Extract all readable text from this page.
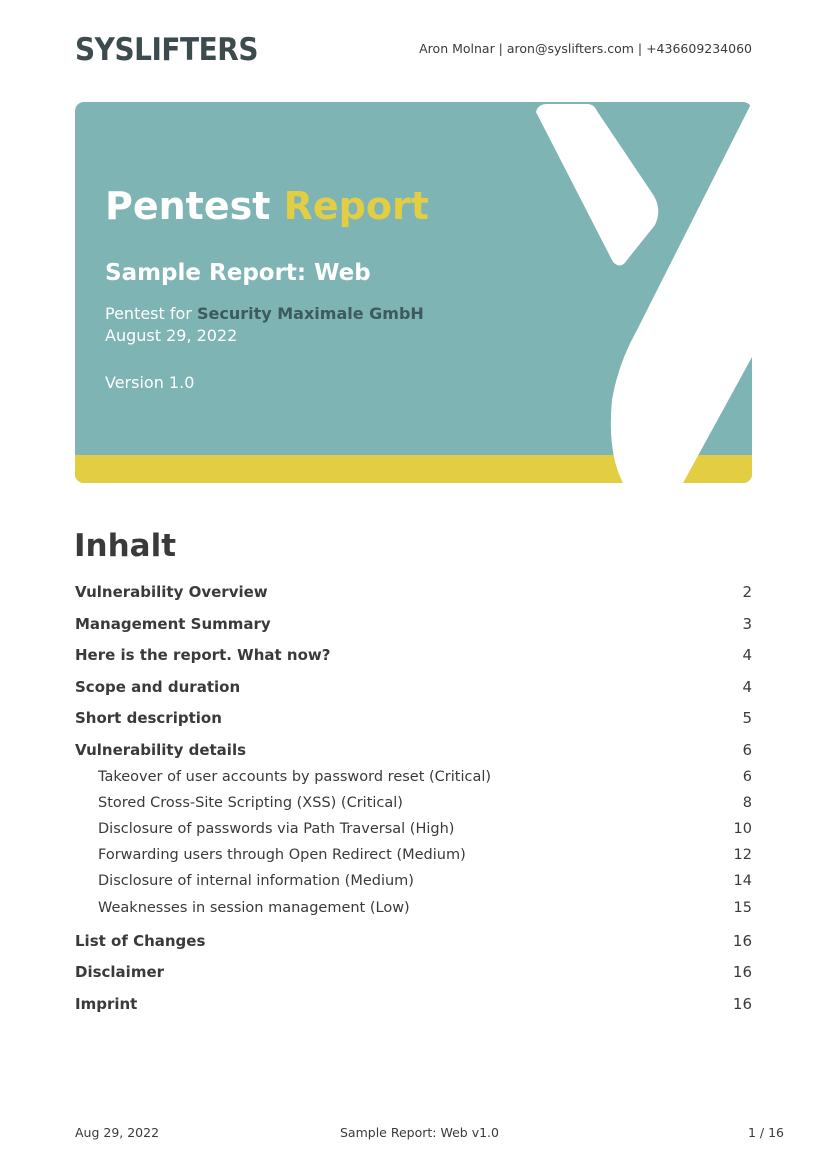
SYSLIFTERS	Aron Molnar | aron@syslifters.com | +436609234060
Pentest Report
Sample Report: Web
Pentest for Security Maximale GmbH
August 29, 2022
Version 1.0
Inhalt
Vulnerability Overview	2
Management Summary	3
Here is the report. What now?	4
Scope and duration	4
Short description	5
Vulnerability details	6
Takeover of user accounts by password reset (Critical)	6
Stored Cross-Site Scripting (XSS) (Critical)	8
Disclosure of passwords via Path Traversal (High)	10
Forwarding users through Open Redirect (Medium)	12
Disclosure of internal information (Medium)	14
Weaknesses in session management (Low)	15
List of Changes	16
Disclaimer	16
Imprint	16
Aug 29, 2022	Sample Report: Web v1.0	1 / 16
